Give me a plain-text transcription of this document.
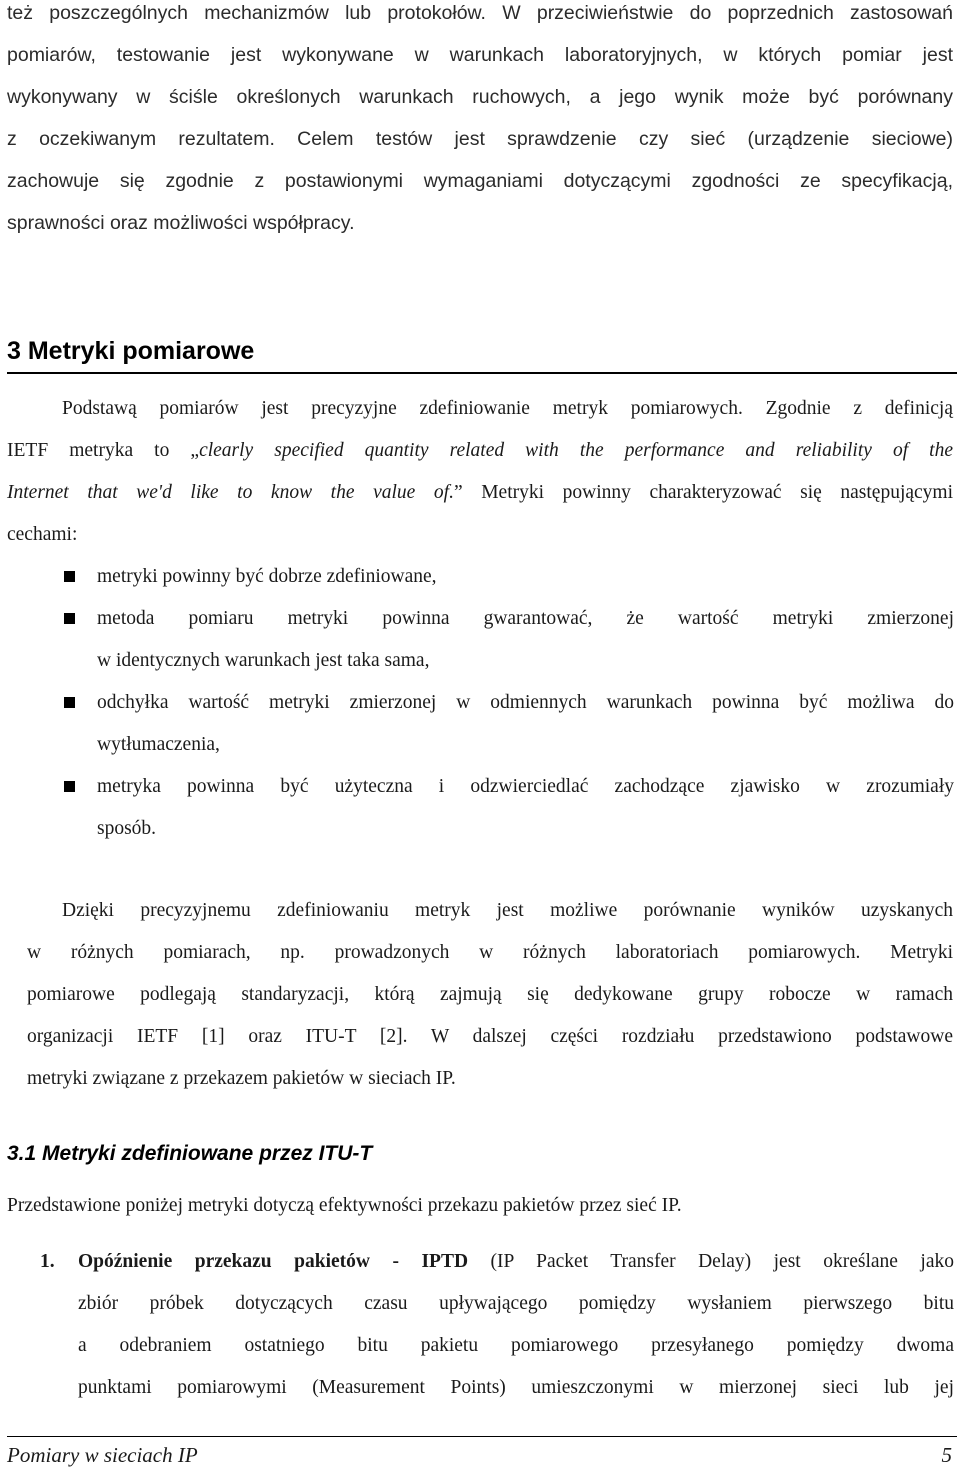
też poszczególnych mechanizmów lub protokołów. W przeciwieństwie do poprzednich zastosowań
pomiarów, testowanie jest wykonywane w warunkach laboratoryjnych, w których pomiar jest
wykonywany w ściśle określonych warunkach ruchowych, a jego wynik może być porównany
z oczekiwanym rezultatem. Celem testów jest sprawdzenie czy sieć (urządzenie sieciowe)
zachowuje się zgodnie z postawionymi wymaganiami dotyczącymi zgodności ze specyfikacją,
sprawności oraz możliwości współpracy.
3 Metryki pomiarowe
Podstawą pomiarów jest precyzyjne zdefiniowanie metryk pomiarowych. Zgodnie z definicją
IETF metryka to „clearly specified quantity related with the performance and reliability of the
Internet that we'd like to know the value of.” Metryki powinny charakteryzować się następującymi
cechami:
metryki powinny być dobrze zdefiniowane,
metoda pomiaru metryki powinna gwarantować, że wartość metryki zmierzonej
w identycznych warunkach jest taka sama,
odchyłka wartość metryki zmierzonej w odmiennych warunkach powinna być możliwa do
wytłumaczenia,
metryka powinna być użyteczna i odzwierciedlać zachodzące zjawisko w zrozumiały
sposób.
Dzięki precyzyjnemu zdefiniowaniu metryk jest możliwe porównanie wyników uzyskanych
w różnych pomiarach, np. prowadzonych w różnych laboratoriach pomiarowych. Metryki
pomiarowe podlegają standaryzacji, którą zajmują się dedykowane grupy robocze w ramach
organizacji IETF [1] oraz ITU-T [2]. W dalszej części rozdziału przedstawiono podstawowe
metryki związane z przekazem pakietów w sieciach IP.
3.1 Metryki zdefiniowane przez ITU-T
Przedstawione poniżej metryki dotyczą efektywności przekazu pakietów przez sieć IP.
1. Opóźnienie przekazu pakietów - IPTD (IP Packet Transfer Delay) jest określane jako
zbiór próbek dotyczących czasu upływającego pomiędzy wysłaniem pierwszego bitu
a odebraniem ostatniego bitu pakietu pomiarowego przesyłanego pomiędzy dwoma
punktami pomiarowymi (Measurement Points) umieszczonymi w mierzonej sieci lub jej
Pomiary w sieciach IP	5
